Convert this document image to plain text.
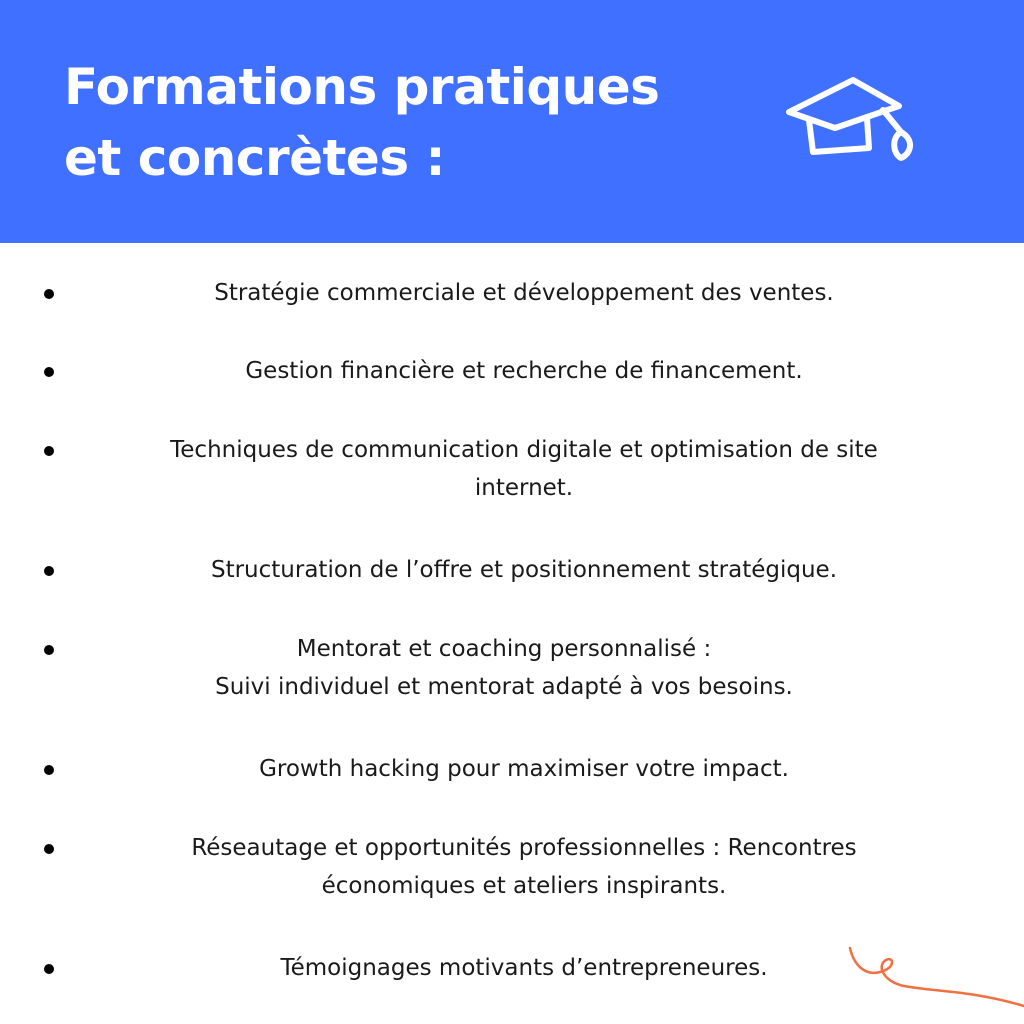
Formations pratiques
et concrètes :
Stratégie commerciale et développement des ventes.
Gestion financière et recherche de financement.
Techniques de communication digitale et optimisation de site
internet.
Structuration de l’offre et positionnement stratégique.
Mentorat et coaching personnalisé :
Suivi individuel et mentorat adapté à vos besoins.
Growth hacking pour maximiser votre impact.
Réseautage et opportunités professionnelles : Rencontres
économiques et ateliers inspirants.
Témoignages motivants d’entrepreneures.
